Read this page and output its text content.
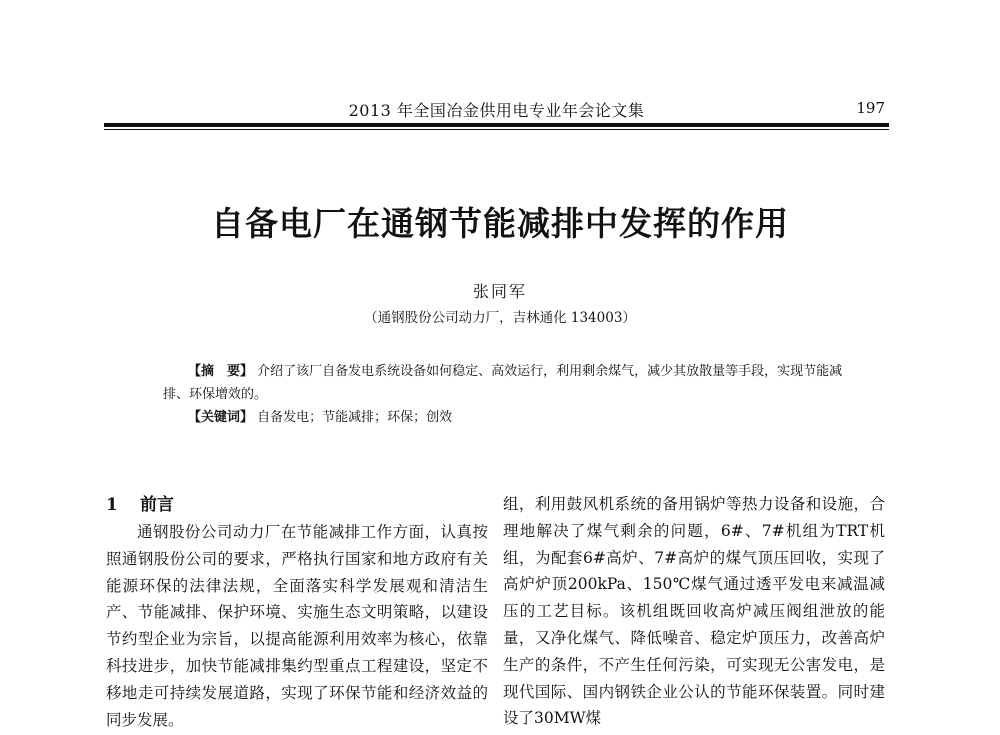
2013 年全国冶金供用电专业年会论文集	197
自备电厂在通钢节能减排中发挥的作用
张同军
（通钢股份公司动力厂，吉林通化 134003）

【摘　要】 介绍了该厂自备发电系统设备如何稳定、高效运行，利用剩余煤气，减少其放散量等手段，实现节能减排、环保增效的。

【关键词】 自备发电；节能减排；环保；创效

1 前言

通钢股份公司动力厂在节能减排工作方面，认真按照通钢股份公司的要求，严格执行国家和地方政府有关能源环保的法律法规，全面落实科学发展观和清洁生产、节能减排、保护环境、实施生态文明策略，以建设节约型企业为宗旨，以提高能源利用效率为核心，依靠科技进步，加快节能减排集约型重点工程建设，坚定不移地走可持续发展道路，实现了环保节能和经济效益的同步发展。

组，利用鼓风机系统的备用锅炉等热力设备和设施，合理地解决了煤气剩余的问题，6#、7#机组为TRT机组，为配套6#高炉、7#高炉的煤气顶压回收，实现了高炉炉顶200kPa、150℃煤气通过透平发电来减温减压的工艺目标。该机组既回收高炉减压阀组泄放的能量，又净化煤气、降低噪音、稳定炉顶压力，改善高炉生产的条件，不产生任何污染，可实现无公害发电，是现代国际、国内钢铁企业公认的节能环保装置。同时建设了30MW煤
